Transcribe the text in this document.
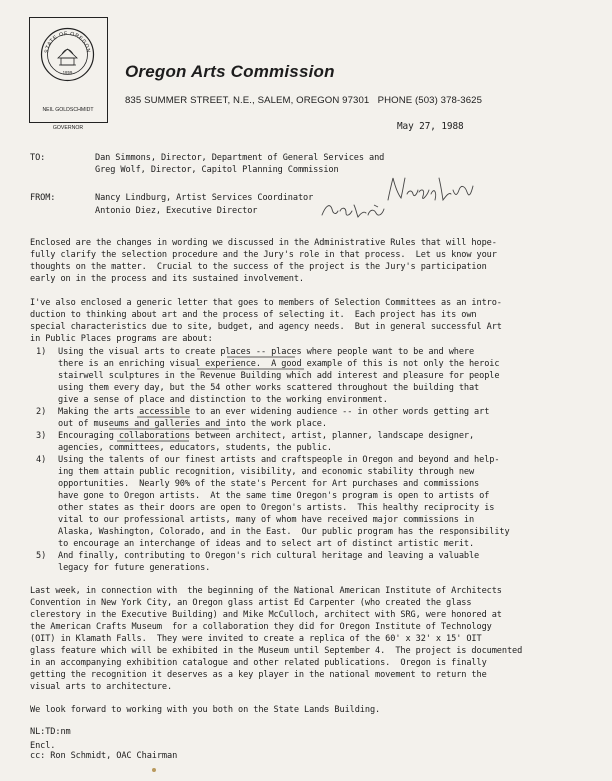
STATE OF OREGON
1859

NEIL GOLDSCHMIDT

GOVERNOR

Oregon Arts Commission
835 SUMMER STREET, N.E., SALEM, OREGON 97301   PHONE (503) 378-3625
May 27, 1988
TO:	Dan Simmons, Director, Department of General Services and
Greg Wolf, Director, Capitol Planning Commission
FROM:	Nancy Lindburg, Artist Services Coordinator
Antonio Diez, Executive Director
Enclosed are the changes in wording we discussed in the Administrative Rules that will hope-
fully clarify the selection procedure and the Jury's role in that process.  Let us know your
thoughts on the matter.  Crucial to the success of the project is the Jury's participation
early on in the process and its sustained involvement.
I've also enclosed a generic letter that goes to members of Selection Committees as an intro-
duction to thinking about art and the process of selecting it.  Each project has its own
special characteristics due to site, budget, and agency needs.  But in general successful Art
in Public Places programs are about:
1) Using the visual arts to create places -- places where people want to be and where
there is an enriching visual experience.  A good example of this is not only the heroic
stairwell sculptures in the Revenue Building which add interest and pleasure for people
using them every day, but the 54 other works scattered throughout the building that
give a sense of place and distinction to the working environment.
2) Making the arts accessible to an ever widening audience -- in other words getting art
out of museums and galleries and into the work place.
3) Encouraging collaborations between architect, artist, planner, landscape designer,
agencies, committees, educators, students, the public.
4) Using the talents of our finest artists and craftspeople in Oregon and beyond and help-
ing them attain public recognition, visibility, and economic stability through new
opportunities.  Nearly 90% of the state's Percent for Art purchases and commissions
have gone to Oregon artists.  At the same time Oregon's program is open to artists of
other states as their doors are open to Oregon's artists.  This healthy reciprocity is
vital to our professional artists, many of whom have received major commissions in
Alaska, Washington, Colorado, and in the East.  Our public program has the responsibility
to encourage an interchange of ideas and to select art of distinct artistic merit.
5) And finally, contributing to Oregon's rich cultural heritage and leaving a valuable
legacy for future generations.
Last week, in connection with  the beginning of the National American Institute of Architects
Convention in New York City, an Oregon glass artist Ed Carpenter (who created the glass
clerestory in the Executive Building) and Mike McCulloch, architect with SRG, were honored at
the American Crafts Museum  for a collaboration they did for Oregon Institute of Technology
(OIT) in Klamath Falls.  They were invited to create a replica of the 60' x 32' x 15' OIT
glass feature which will be exhibited in the Museum until September 4.  The project is documented
in an accompanying exhibition catalogue and other related publications.  Oregon is finally
getting the recognition it deserves as a key player in the national movement to return the
visual arts to architecture.
We look forward to working with you both on the State Lands Building.
NL:TD:nm
Encl.
cc: Ron Schmidt, OAC Chairman
